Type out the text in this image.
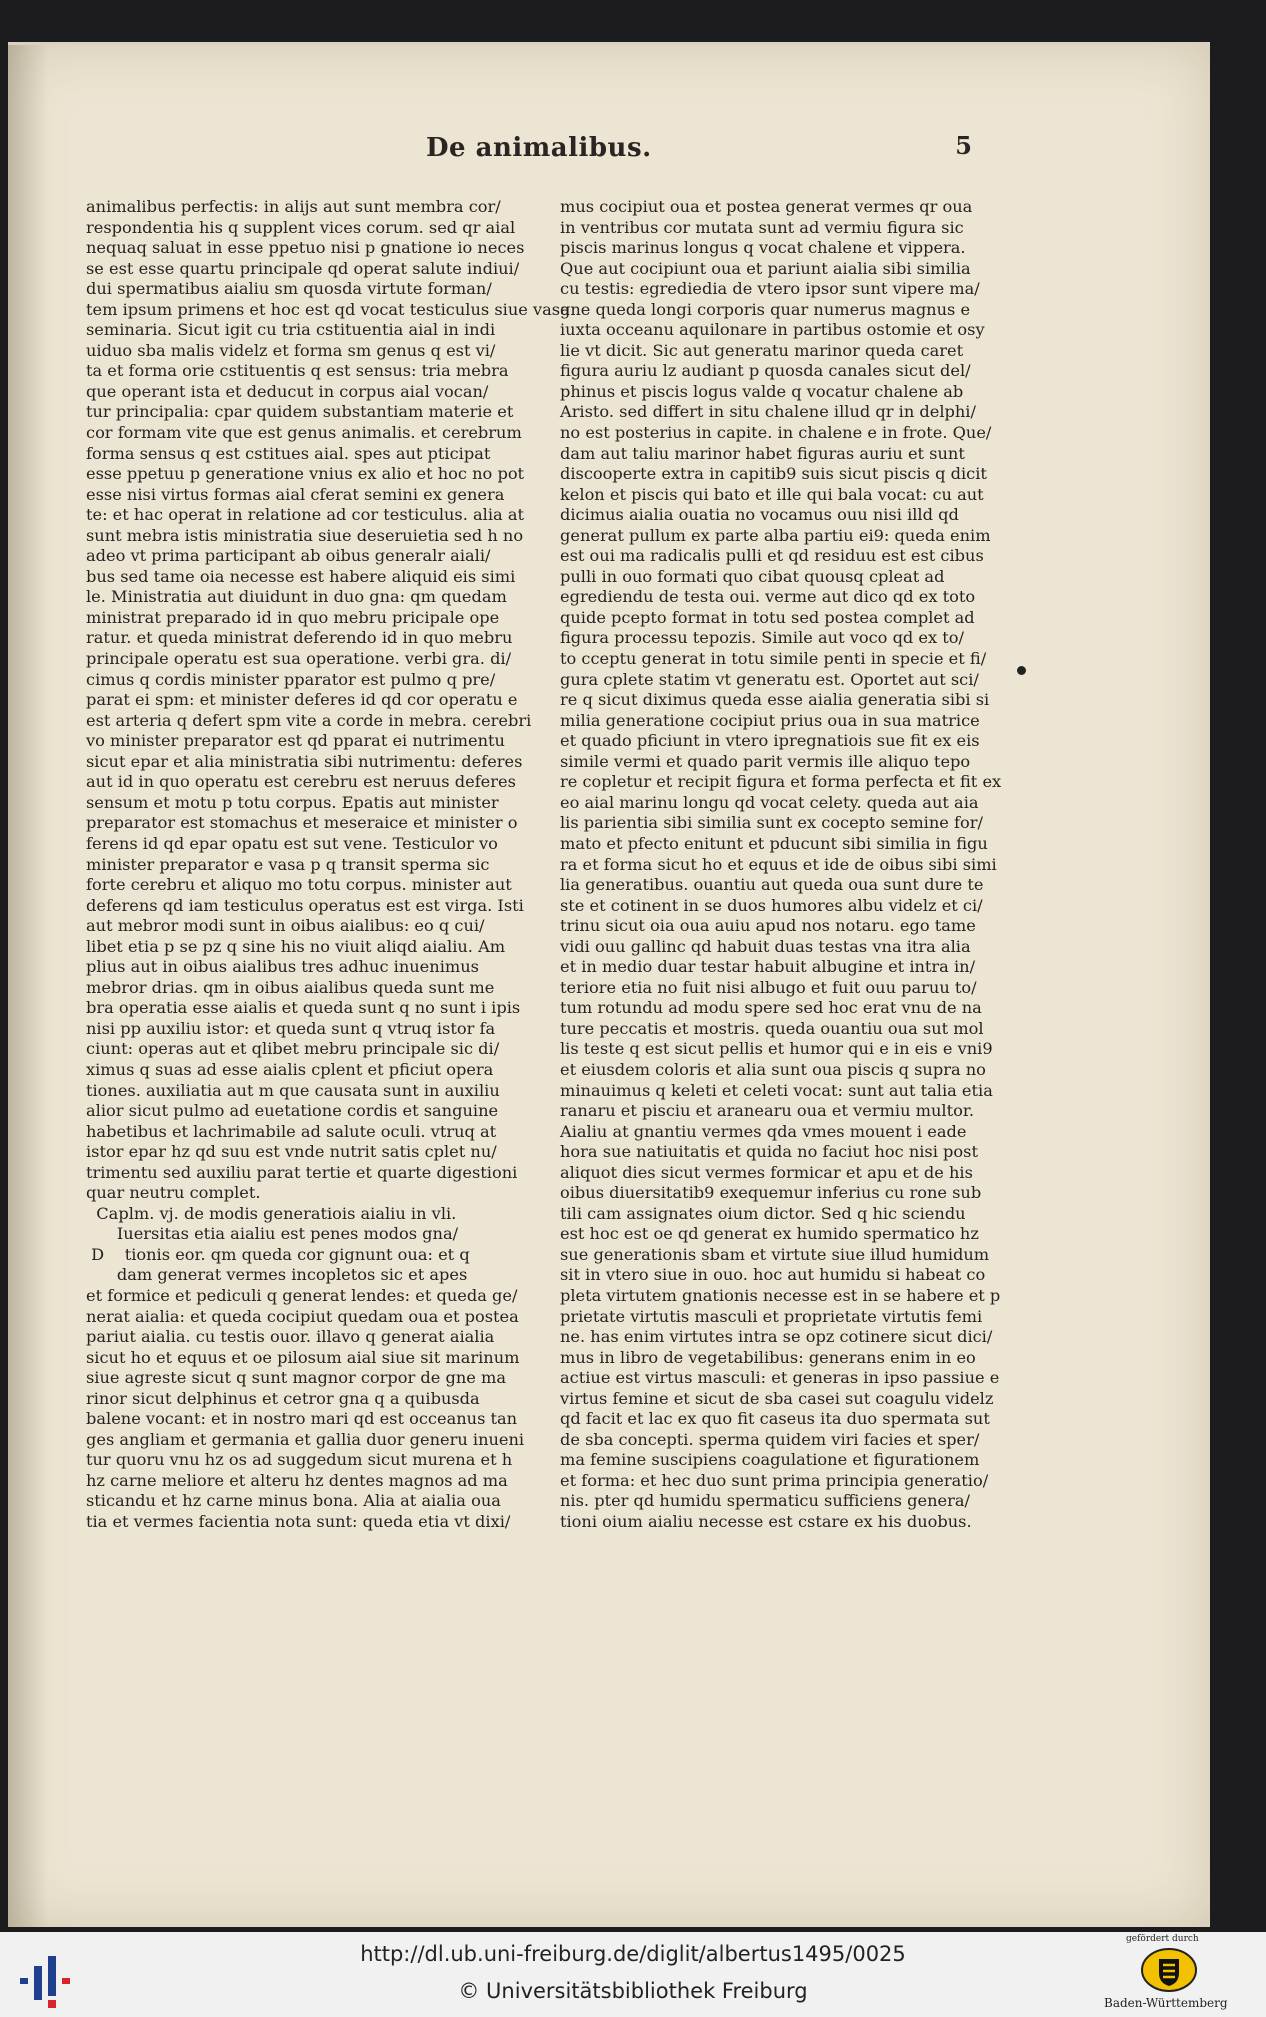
De animalibus.	5
animalibus perfectis: in alijs aut sunt membra cor/
respondentia his q supplent vices corum. sed qr aial
nequaq saluat in esse ppetuo nisi p gnatione io neces
se est esse quartu principale qd operat salute indiui/
dui spermatibus aialiu sm quosda virtute forman/
tem ipsum primens et hoc est qd vocat testiculus siue vasa
seminaria. Sicut igit cu tria cstituentia aial in indi
uiduo sba malis videlz et forma sm genus q est vi/
ta et forma orie cstituentis q est sensus: tria mebra
que operant ista et deducut in corpus aial vocan/
tur principalia: cpar quidem substantiam materie et
cor formam vite que est genus animalis. et cerebrum
forma sensus q est cstitues aial. spes aut pticipat
esse ppetuu p generatione vnius ex alio et hoc no pot
esse nisi virtus formas aial cferat semini ex genera
te: et hac operat in relatione ad cor testiculus. alia at
sunt mebra istis ministratia siue deseruietia sed h no
adeo vt prima participant ab oibus generalr aiali/
bus sed tame oia necesse est habere aliquid eis simi
le. Ministratia aut diuidunt in duo gna: qm quedam
ministrat preparado id in quo mebru pricipale ope
ratur. et queda ministrat deferendo id in quo mebru
principale operatu est sua operatione. verbi gra. di/
cimus q cordis minister pparator est pulmo q pre/
parat ei spm: et minister deferes id qd cor operatu e
est arteria q defert spm vite a corde in mebra. cerebri
vo minister preparator est qd pparat ei nutrimentu
sicut epar et alia ministratia sibi nutrimentu: deferes
aut id in quo operatu est cerebru est neruus deferes
sensum et motu p totu corpus. Epatis aut minister
preparator est stomachus et meseraice et minister o
ferens id qd epar opatu est sut vene. Testiculor vo
minister preparator e vasa p q transit sperma sic
forte cerebru et aliquo mo totu corpus. minister aut
deferens qd iam testiculus operatus est est virga. Isti
aut mebror modi sunt in oibus aialibus: eo q cui/
libet etia p se pz q sine his no viuit aliqd aialiu. Am
plius aut in oibus aialibus tres adhuc inuenimus
mebror drias. qm in oibus aialibus queda sunt me
bra operatia esse aialis et queda sunt q no sunt i ipis
nisi pp auxiliu istor: et queda sunt q vtruq istor fa
ciunt: operas aut et qlibet mebru principale sic di/
ximus q suas ad esse aialis cplent et pficiut opera
tiones. auxiliatia aut m que causata sunt in auxiliu
alior sicut pulmo ad euetatione cordis et sanguine
habetibus et lachrimabile ad salute oculi. vtruq at
istor epar hz qd suu est vnde nutrit satis cplet nu/
trimentu sed auxiliu parat tertie et quarte digestioni
quar neutru complet.
Caplm. vj. de modis generatiois aialiu in vli.
Iuersitas etia aialiu est penes modos gna/
D    tionis eor. qm queda cor gignunt oua: et q
dam generat vermes incopletos sic et apes
et formice et pediculi q generat lendes: et queda ge/
nerat aialia: et queda cocipiut quedam oua et postea
pariut aialia. cu testis ouor. illavo q generat aialia
sicut ho et equus et oe pilosum aial siue sit marinum
siue agreste sicut q sunt magnor corpor de gne ma
rinor sicut delphinus et cetror gna q a quibusda
balene vocant: et in nostro mari qd est occeanus tan
ges angliam et germania et gallia duor generu inueni
tur quoru vnu hz os ad suggedum sicut murena et h
hz carne meliore et alteru hz dentes magnos ad ma
sticandu et hz carne minus bona. Alia at aialia oua
tia et vermes facientia nota sunt: queda etia vt dixi/
mus cocipiut oua et postea generat vermes qr oua
in ventribus cor mutata sunt ad vermiu figura sic
piscis marinus longus q vocat chalene et vippera.
Que aut cocipiunt oua et pariunt aialia sibi similia
cu testis: egrediedia de vtero ipsor sunt vipere ma/
gne queda longi corporis quar numerus magnus e
iuxta occeanu aquilonare in partibus ostomie et osy
lie vt dicit. Sic aut generatu marinor queda caret
figura auriu lz audiant p quosda canales sicut del/
phinus et piscis logus valde q vocatur chalene ab
Aristo. sed differt in situ chalene illud qr in delphi/
no est posterius in capite. in chalene e in frote. Que/
dam aut taliu marinor habet figuras auriu et sunt
discooperte extra in capitib9 suis sicut piscis q dicit
kelon et piscis qui bato et ille qui bala vocat: cu aut
dicimus aialia ouatia no vocamus ouu nisi illd qd
generat pullum ex parte alba partiu ei9: queda enim
est oui ma radicalis pulli et qd residuu est est cibus
pulli in ouo formati quo cibat quousq cpleat ad
egrediendu de testa oui. verme aut dico qd ex toto
quide pcepto format in totu sed postea complet ad
figura processu tepozis. Simile aut voco qd ex to/
to cceptu generat in totu simile penti in specie et fi/
gura cplete statim vt generatu est. Oportet aut sci/
re q sicut diximus queda esse aialia generatia sibi si
milia generatione cocipiut prius oua in sua matrice
et quado pficiunt in vtero ipregnatiois sue fit ex eis
simile vermi et quado parit vermis ille aliquo tepo
re copletur et recipit figura et forma perfecta et fit ex
eo aial marinu longu qd vocat celety. queda aut aia
lis parientia sibi similia sunt ex cocepto semine for/
mato et pfecto enitunt et pducunt sibi similia in figu
ra et forma sicut ho et equus et ide de oibus sibi simi
lia generatibus. ouantiu aut queda oua sunt dure te
ste et cotinent in se duos humores albu videlz et ci/
trinu sicut oia oua auiu apud nos notaru. ego tame
vidi ouu gallinc qd habuit duas testas vna itra alia
et in medio duar testar habuit albugine et intra in/
teriore etia no fuit nisi albugo et fuit ouu paruu to/
tum rotundu ad modu spere sed hoc erat vnu de na
ture peccatis et mostris. queda ouantiu oua sut mol
lis teste q est sicut pellis et humor qui e in eis e vni9
et eiusdem coloris et alia sunt oua piscis q supra no
minauimus q keleti et celeti vocat: sunt aut talia etia
ranaru et pisciu et aranearu oua et vermiu multor.
Aialiu at gnantiu vermes qda vmes mouent i eade
hora sue natiuitatis et quida no faciut hoc nisi post
aliquot dies sicut vermes formicar et apu et de his
oibus diuersitatib9 exequemur inferius cu rone sub
tili cam assignates oium dictor. Sed q hic sciendu
est hoc est oe qd generat ex humido spermatico hz
sue generationis sbam et virtute siue illud humidum
sit in vtero siue in ouo. hoc aut humidu si habeat co
pleta virtutem gnationis necesse est in se habere et p
prietate virtutis masculi et proprietate virtutis femi
ne. has enim virtutes intra se opz cotinere sicut dici/
mus in libro de vegetabilibus: generans enim in eo
actiue est virtus masculi: et generas in ipso passiue e
virtus femine et sicut de sba casei sut coagulu videlz
qd facit et lac ex quo fit caseus ita duo spermata sut
de sba concepti. sperma quidem viri facies et sper/
ma femine suscipiens coagulatione et figurationem
et forma: et hec duo sunt prima principia generatio/
nis. pter qd humidu spermaticu sufficiens genera/
tioni oium aialiu necesse est cstare ex his duobus.
http://dl.ub.uni-freiburg.de/diglit/albertus1495/0025
© Universitätsbibliothek Freiburg
gefördert durch
Baden-Württemberg
